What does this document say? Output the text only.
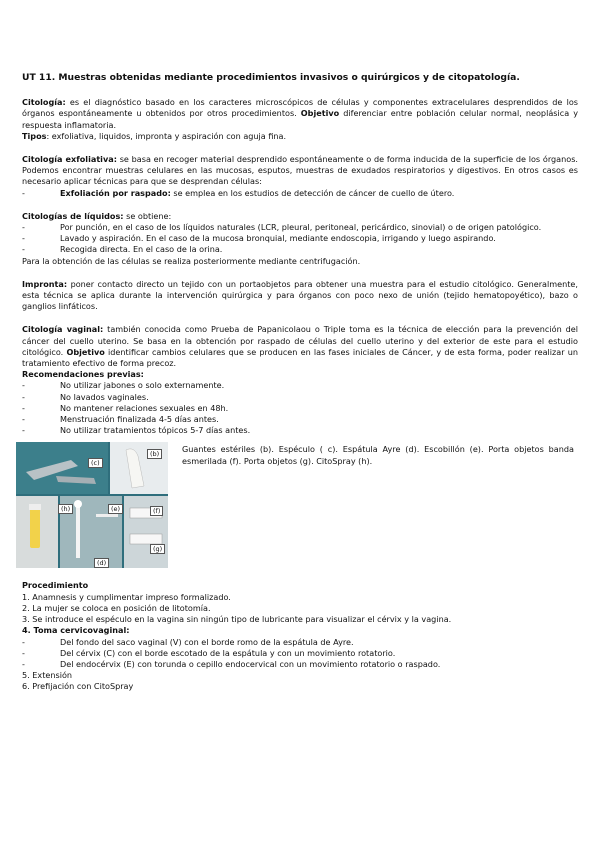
UT 11. Muestras obtenidas mediante procedimientos invasivos o quirúrgicos y de citopatología.

Citología: es el diagnóstico basado en los caracteres microscópicos de células y componentes extracelulares desprendidos de los órganos espontáneamente u obtenidos por otros procedimientos. Objetivo diferenciar entre población celular normal, neoplásica y respuesta inflamatoria.

Tipos: exfoliativa, liquidos, impronta y aspiración con aguja fina.

Citología exfoliativa: se basa en recoger material desprendido espontáneamente o de forma inducida de la superficie de los órganos. Podemos encontrar muestras celulares en las mucosas, esputos, muestras de exudados respiratorios y digestivos. En otros casos es necesario aplicar técnicas para que se desprendan células:

-	Exfoliación por raspado: se emplea en los estudios de detección de cáncer de cuello de útero.

Citologías de líquidos: se obtiene:

-	Por punción, en el caso de los líquidos naturales (LCR, pleural, peritoneal, pericárdico, sinovial) o de origen patológico.
-	Lavado y aspiración. En el caso de la mucosa bronquial, mediante endoscopia, irrigando y luego aspirando.
-	Recogida directa. En el caso de la orina.

Para la obtención de las células se realiza posteriormente mediante centrifugación.

Impronta: poner contacto directo un tejido con un portaobjetos para obtener una muestra para el estudio citológico. Generalmente, esta técnica se aplica durante la intervención quirúrgica y para órganos con poco nexo de unión (tejido hematopoyético), bazo o ganglios linfáticos.

Citología vaginal: también conocida como Prueba de Papanicolaou o Triple toma es la técnica de elección para la prevención del cáncer del cuello uterino. Se basa en la obtención por raspado de células del cuello uterino y del exterior de este para el estudio citológico. Objetivo identificar cambios celulares que se producen en las fases iniciales de Cáncer, y de esta forma, poder realizar un tratamiento efectivo de forma precoz.

Recomendaciones previas:

-	No utilizar jabones o solo externamente.
-	No lavados vaginales.
-	No mantener relaciones sexuales en 48h.
-	Menstruación finalizada 4-5 días antes.
-	No utilizar tratamientos tópicos 5-7 días antes.
(b)
(c)
(h)	(e)	(f)
(g)
(d)
Guantes estériles (b). Espéculo ( c). Espátula Ayre (d). Escobillón (e). Porta objetos banda esmerilada (f). Porta objetos (g). CitoSpray (h).

Procedimiento

1. Anamnesis y cumplimentar impreso formalizado.

2. La mujer se coloca en posición de litotomía.

3. Se introduce el espéculo en la vagina sin ningún tipo de lubricante para visualizar el cérvix y la vagina.

4. Toma cervicovaginal:

-	Del fondo del saco vaginal (V) con el borde romo de la espátula de Ayre.
-	Del cérvix (C) con el borde escotado de la espátula y con un movimiento rotatorio.
-	Del endocérvix (E) con torunda o cepillo endocervical con un movimiento rotatorio o raspado.

5. Extensión

6. Prefijación con CitoSpray
